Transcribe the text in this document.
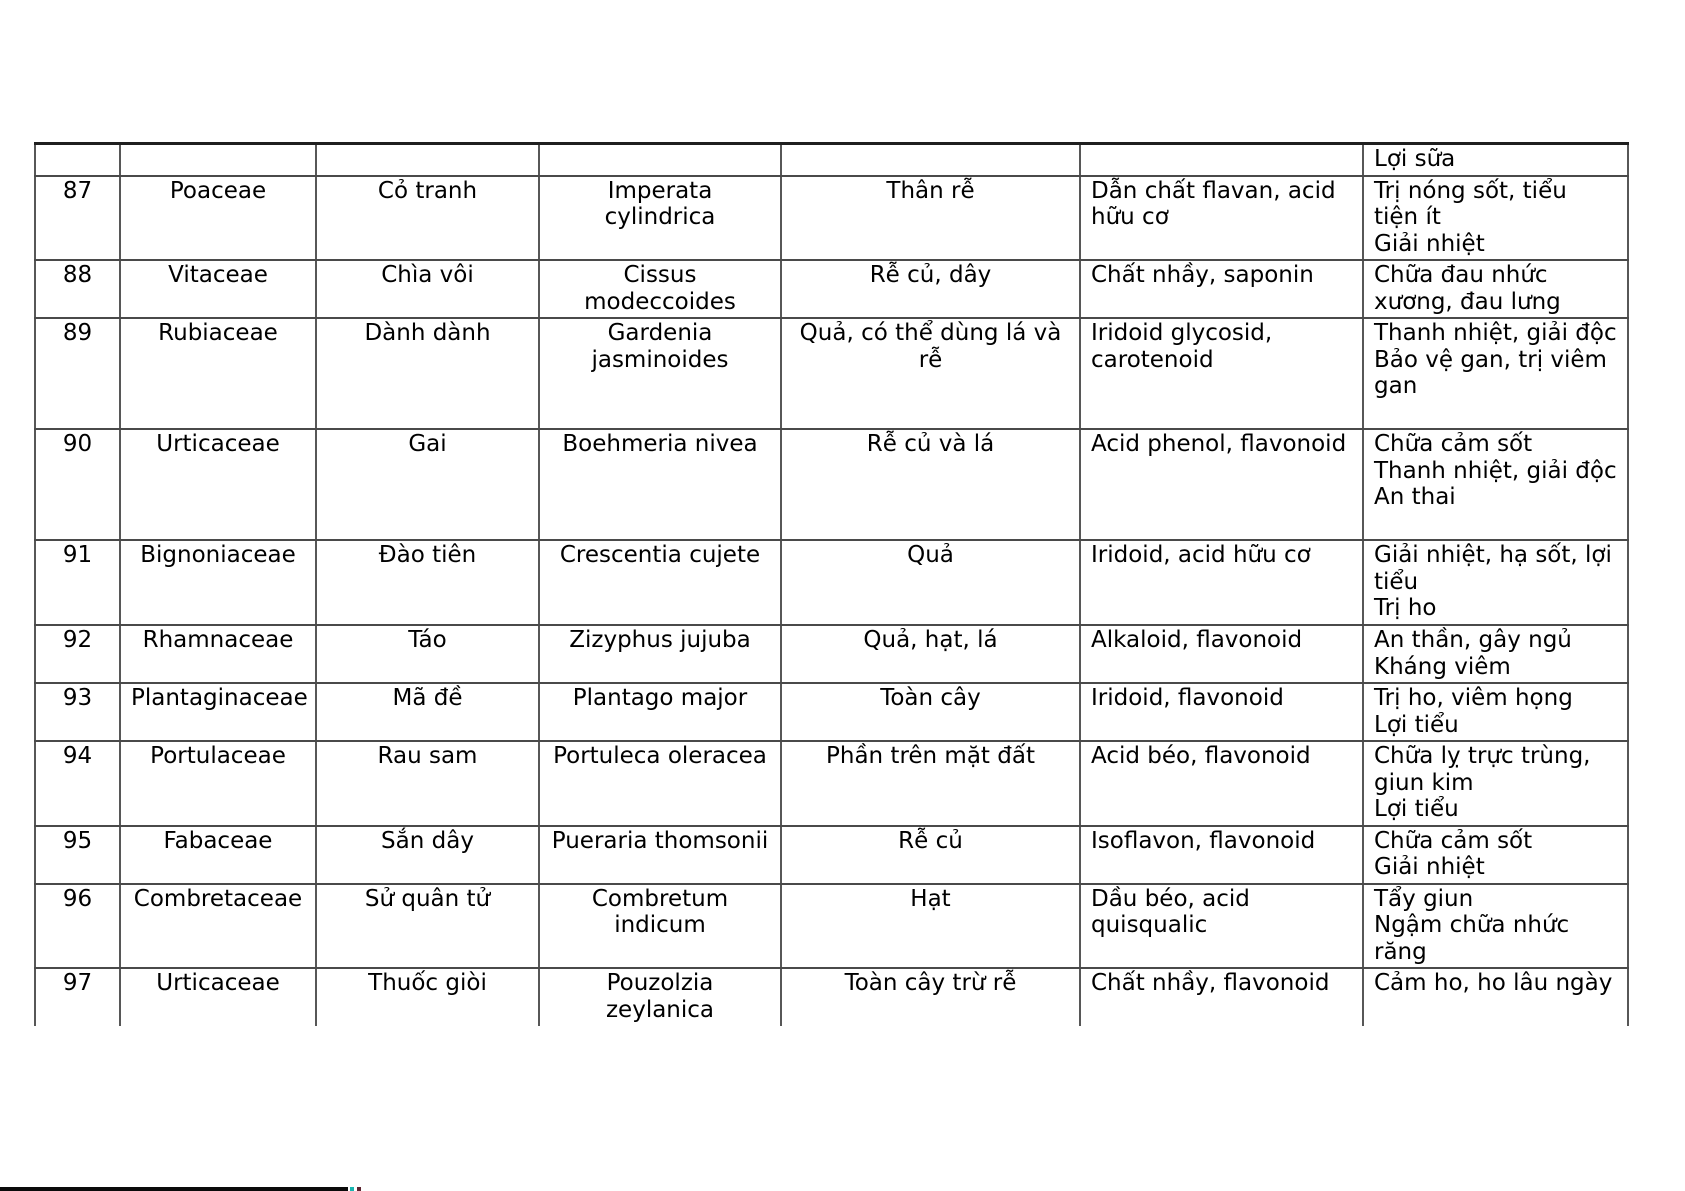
						Lợi sữa

87	Poaceae	Cỏ tranh	Imperata cylindrica	Thân rễ	Dẫn chất flavan, acid hữu cơ	Trị nóng sốt, tiểu tiện ít
Giải nhiệt

88	Vitaceae	Chìa vôi	Cissus modeccoides	Rễ củ, dây	Chất nhầy, saponin	Chữa đau nhức xương, đau lưng

89	Rubiaceae	Dành dành	Gardenia jasminoides	Quả, có thể dùng lá và rễ	Iridoid glycosid, carotenoid	Thanh nhiệt, giải độc
Bảo vệ gan, trị viêm gan

90	Urticaceae	Gai	Boehmeria nivea	Rễ củ và lá	Acid phenol, flavonoid	Chữa cảm sốt
Thanh nhiệt, giải độc
An thai

91	Bignoniaceae	Đào tiên	Crescentia cujete	Quả	Iridoid, acid hữu cơ	Giải nhiệt, hạ sốt, lợi tiểu
Trị ho

92	Rhamnaceae	Táo	Zizyphus jujuba	Quả, hạt, lá	Alkaloid, flavonoid	An thần, gây ngủ
Kháng viêm

93	Plantaginaceae	Mã đề	Plantago major	Toàn cây	Iridoid, flavonoid	Trị ho, viêm họng
Lợi tiểu

94	Portulaceae	Rau sam	Portuleca oleracea	Phần trên mặt đất	Acid béo, flavonoid	Chữa lỵ trực trùng, giun kim
Lợi tiểu

95	Fabaceae	Sắn dây	Pueraria thomsonii	Rễ củ	Isoflavon, flavonoid	Chữa cảm sốt
Giải nhiệt

96	Combretaceae	Sử quân tử	Combretum indicum	Hạt	Dầu béo, acid quisqualic	Tẩy giun
Ngậm chữa nhức răng

97	Urticaceae	Thuốc giòi	Pouzolzia zeylanica	Toàn cây trừ rễ	Chất nhầy, flavonoid	Cảm ho, ho lâu ngày
